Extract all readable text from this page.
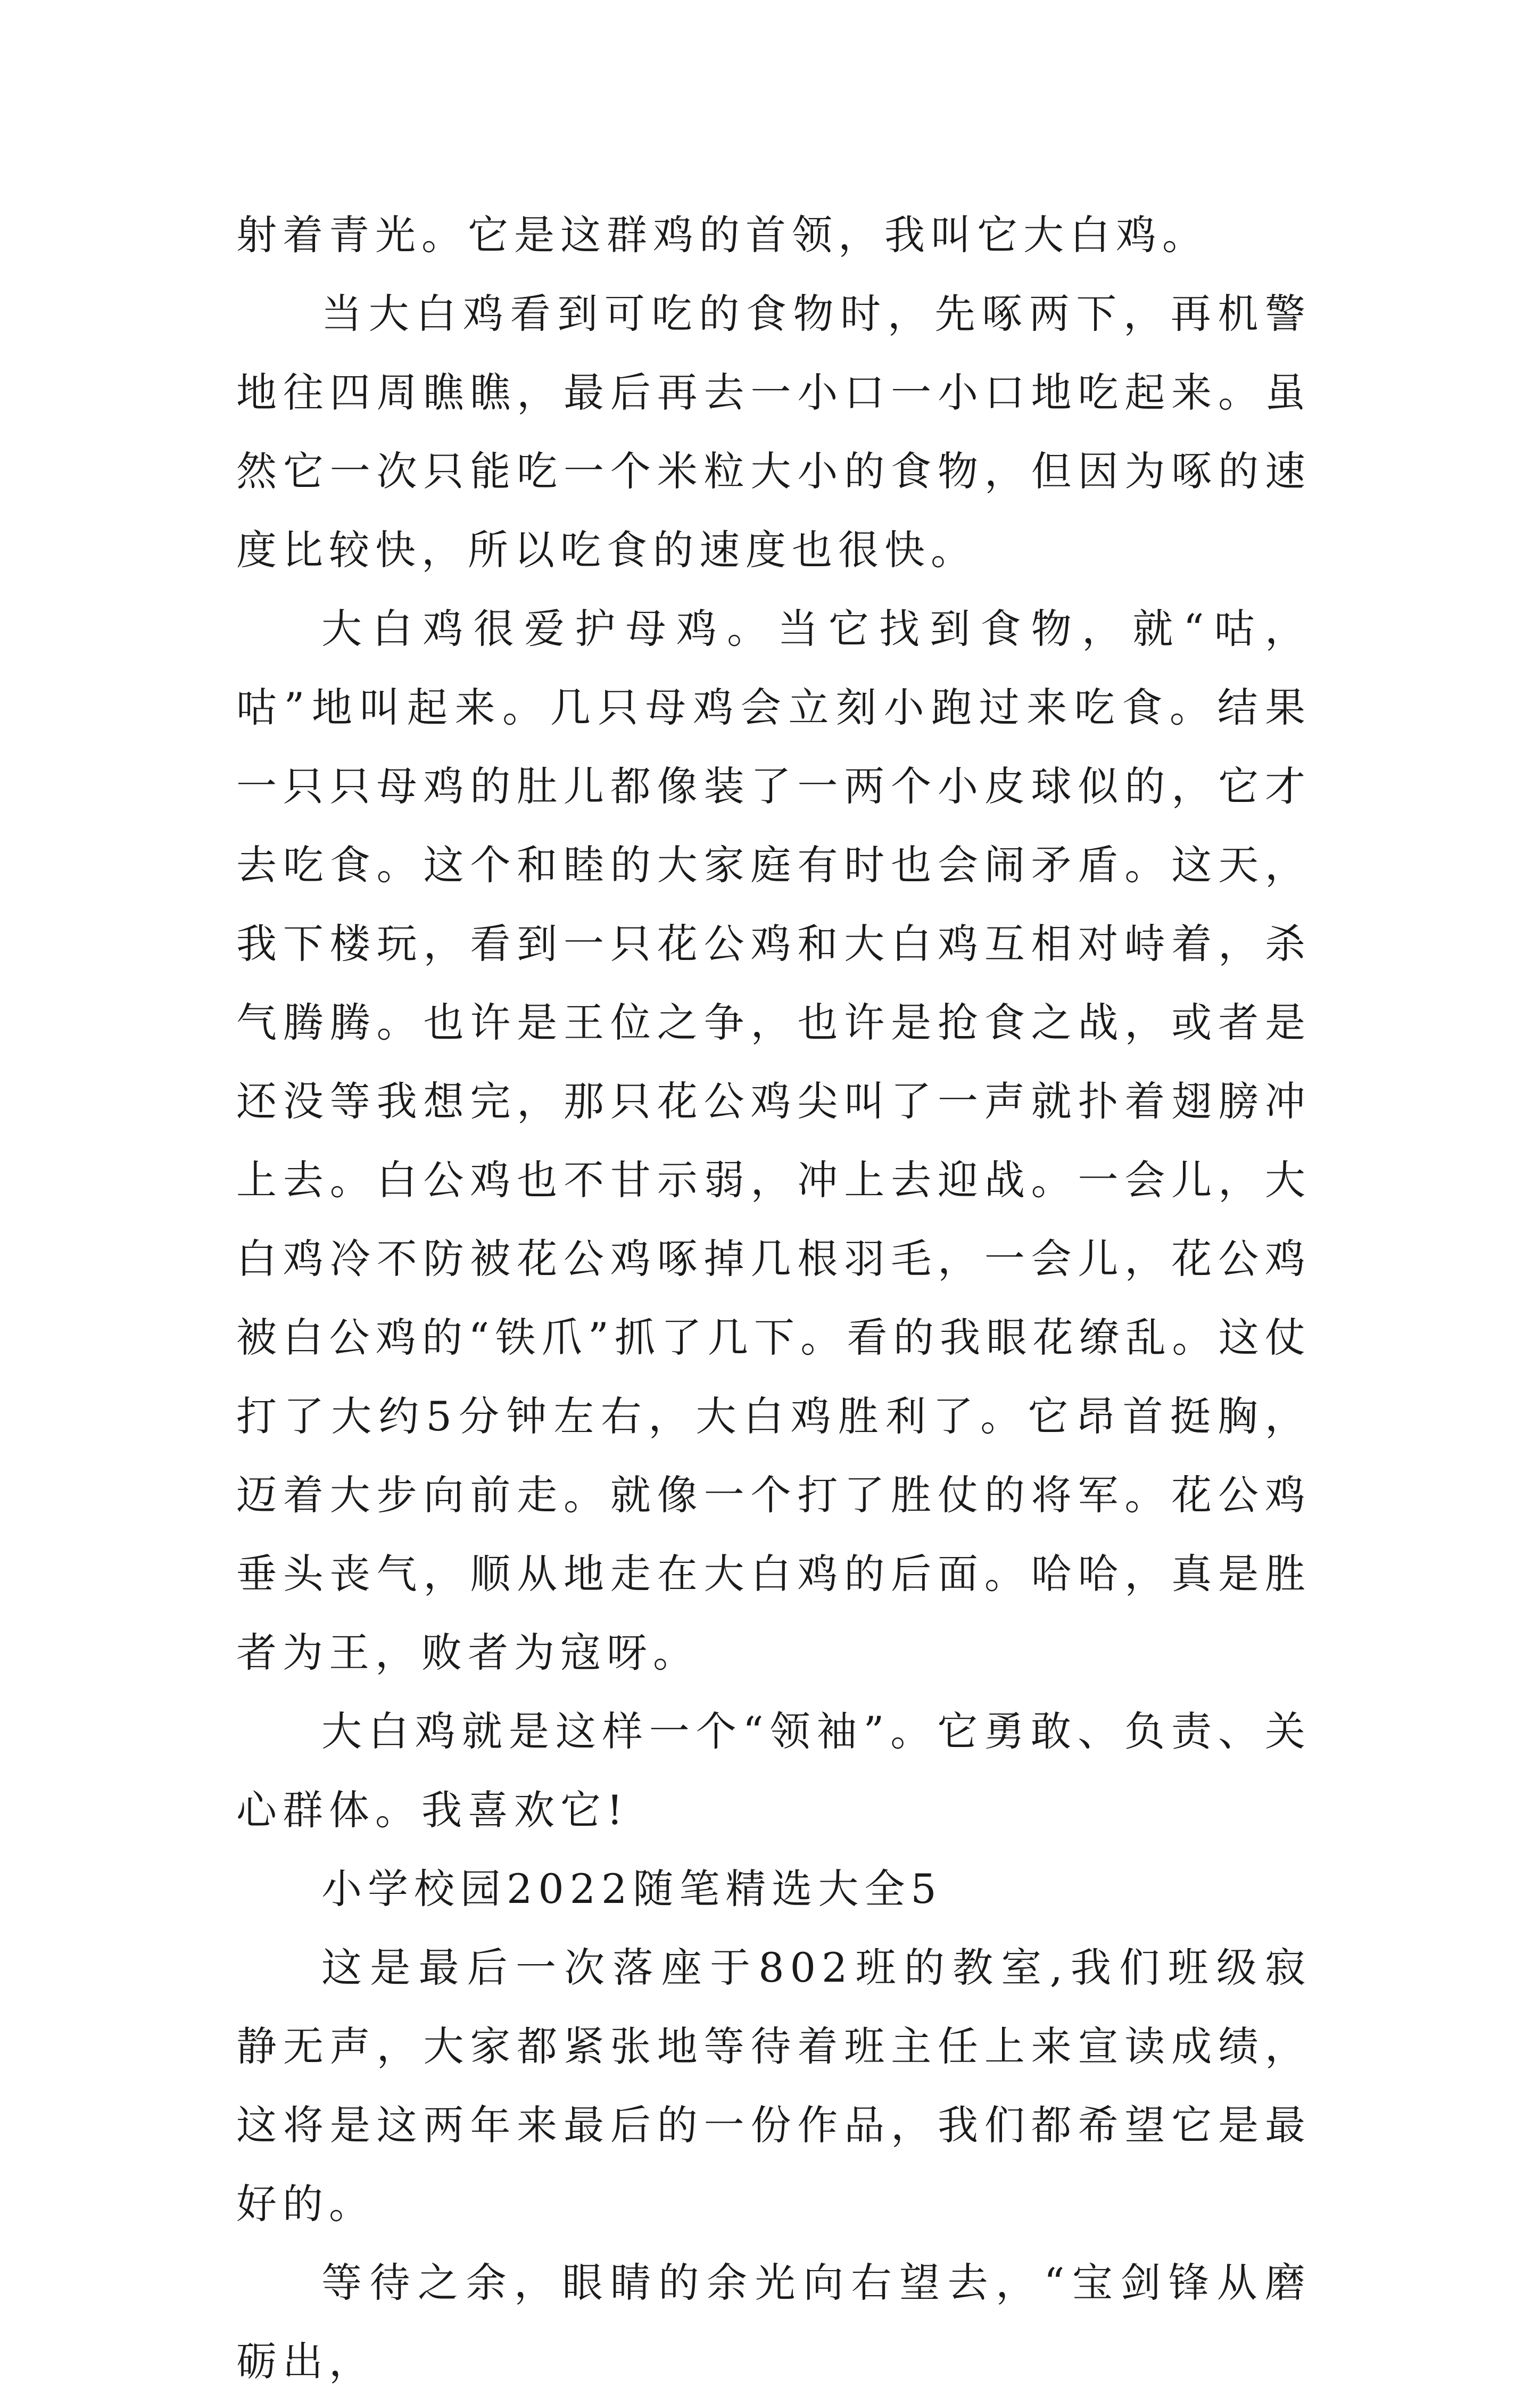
射着青光。它是这群鸡的首领，我叫它大白鸡。

当大白鸡看到可吃的食物时，先啄两下，再机警地往四周瞧瞧，最后再去一小口一小口地吃起来。虽然它一次只能吃一个米粒大小的食物，但因为啄的速度比较快，所以吃食的速度也很快。

大白鸡很爱护母鸡。当它找到食物，就“咕，咕”地叫起来。几只母鸡会立刻小跑过来吃食。结果一只只母鸡的肚儿都像装了一两个小皮球似的，它才去吃食。这个和睦的大家庭有时也会闹矛盾。这天，我下楼玩，看到一只花公鸡和大白鸡互相对峙着，杀气腾腾。也许是王位之争，也许是抢食之战，或者是还没等我想完，那只花公鸡尖叫了一声就扑着翅膀冲上去。白公鸡也不甘示弱，冲上去迎战。一会儿，大白鸡冷不防被花公鸡啄掉几根羽毛，一会儿，花公鸡被白公鸡的“铁爪”抓了几下。看的我眼花缭乱。这仗打了大约5分钟左右，大白鸡胜利了。它昂首挺胸，迈着大步向前走。就像一个打了胜仗的将军。花公鸡垂头丧气，顺从地走在大白鸡的后面。哈哈，真是胜者为王，败者为寇呀。

大白鸡就是这样一个“领袖”。它勇敢、负责、关心群体。我喜欢它!

小学校园2022随笔精选大全5

这是最后一次落座于802班的教室,我们班级寂静无声，大家都紧张地等待着班主任上来宣读成绩，这将是这两年来最后的一份作品，我们都希望它是最好的。

等待之余，眼睛的余光向右望去，“宝剑锋从磨砺出，
